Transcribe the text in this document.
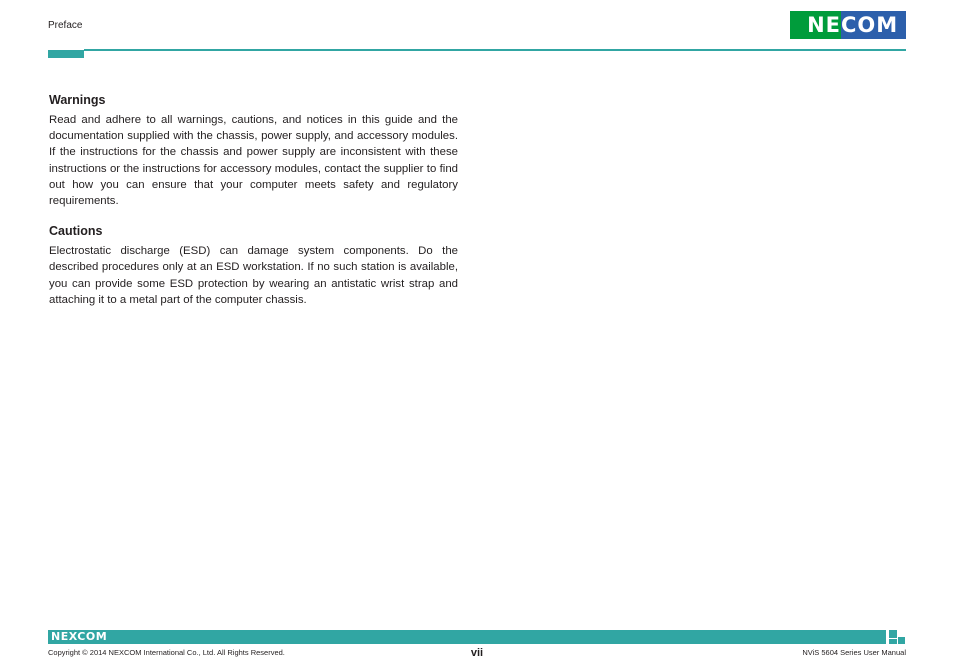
Preface	NE COM
Warnings

Read and adhere to all warnings, cautions, and notices in this guide and the documentation supplied with the chassis, power supply, and accessory modules. If the instructions for the chassis and power supply are inconsistent with these instructions or the instructions for accessory modules, contact the supplier to find out how you can ensure that your computer meets safety and regulatory requirements.

Cautions

Electrostatic discharge (ESD) can damage system components. Do the described procedures only at an ESD workstation. If no such station is available, you can provide some ESD protection by wearing an antistatic wrist strap and attaching it to a metal part of the computer chassis.

NEXCOM
Copyright © 2014 NEXCOM International Co., Ltd. All Rights Reserved.	vii	NViS 5604 Series User Manual
